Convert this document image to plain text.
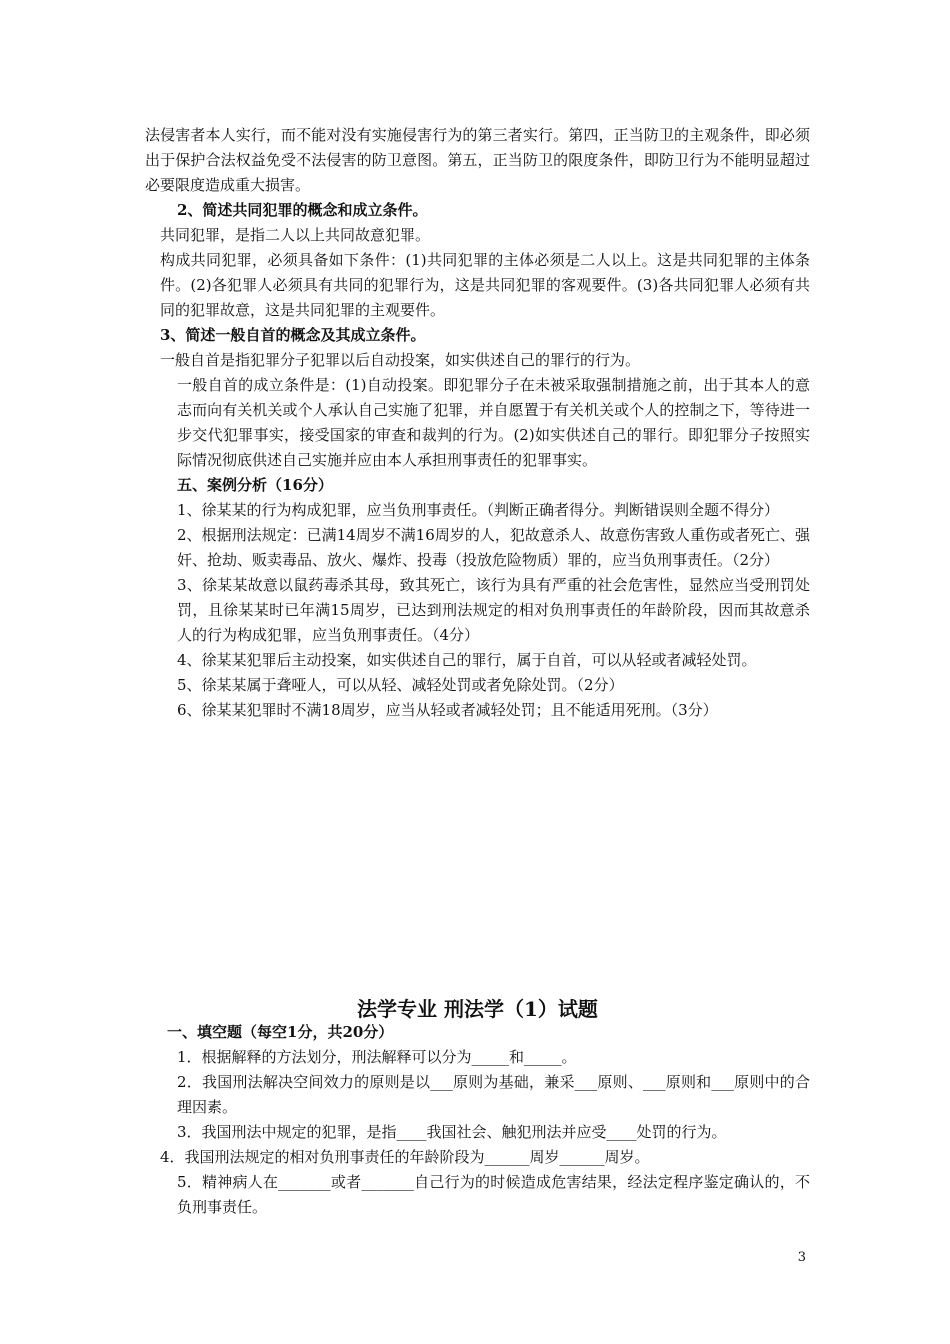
法侵害者本人实行，而不能对没有实施侵害行为的第三者实行。第四，正当防卫的主观条件，即必须出于保护合法权益免受不法侵害的防卫意图。第五，正当防卫的限度条件，即防卫行为不能明显超过必要限度造成重大损害。

2、简述共同犯罪的概念和成立条件。

共同犯罪，是指二人以上共同故意犯罪。

构成共同犯罪，必须具备如下条件：(1)共同犯罪的主体必须是二人以上。这是共同犯罪的主体条件。(2)各犯罪人必须具有共同的犯罪行为，这是共同犯罪的客观要件。(3)各共同犯罪人必须有共同的犯罪故意，这是共同犯罪的主观要件。

3、简述一般自首的概念及其成立条件。

一般自首是指犯罪分子犯罪以后自动投案，如实供述自己的罪行的行为。

一般自首的成立条件是：(1)自动投案。即犯罪分子在未被采取强制措施之前，出于其本人的意志而向有关机关或个人承认自己实施了犯罪，并自愿置于有关机关或个人的控制之下，等待进一步交代犯罪事实，接受国家的审查和裁判的行为。(2)如实供述自己的罪行。即犯罪分子按照实际情况彻底供述自己实施并应由本人承担刑事责任的犯罪事实。

五、案例分析（16分）

1、徐某某的行为构成犯罪，应当负刑事责任。（判断正确者得分。判断错误则全题不得分）

2、根据刑法规定：已满14周岁不满16周岁的人，犯故意杀人、故意伤害致人重伤或者死亡、强奸、抢劫、贩卖毒品、放火、爆炸、投毒（投放危险物质）罪的，应当负刑事责任。（2分）

3、徐某某故意以鼠药毒杀其母，致其死亡，该行为具有严重的社会危害性，显然应当受刑罚处罚，且徐某某时已年满15周岁，已达到刑法规定的相对负刑事责任的年龄阶段，因而其故意杀人的行为构成犯罪，应当负刑事责任。（4分）

4、徐某某犯罪后主动投案，如实供述自己的罪行，属于自首，可以从轻或者减轻处罚。

5、徐某某属于聋哑人，可以从轻、减轻处罚或者免除处罚。（2分）

6、徐某某犯罪时不满18周岁，应当从轻或者减轻处罚；且不能适用死刑。（3分）

法学专业 刑法学（1）试题

一、填空题（每空1分，共20分）

1．根据解释的方法划分，刑法解释可以分为_____和_____。

2．我国刑法解决空间效力的原则是以___原则为基础，兼采___原则、___原则和___原则中的合理因素。

3．我国刑法中规定的犯罪，是指____我国社会、触犯刑法并应受____处罚的行为。

4．我国刑法规定的相对负刑事责任的年龄阶段为______周岁______周岁。

5．精神病人在_______或者_______自己行为的时候造成危害结果，经法定程序鉴定确认的，不负刑事责任。

3
